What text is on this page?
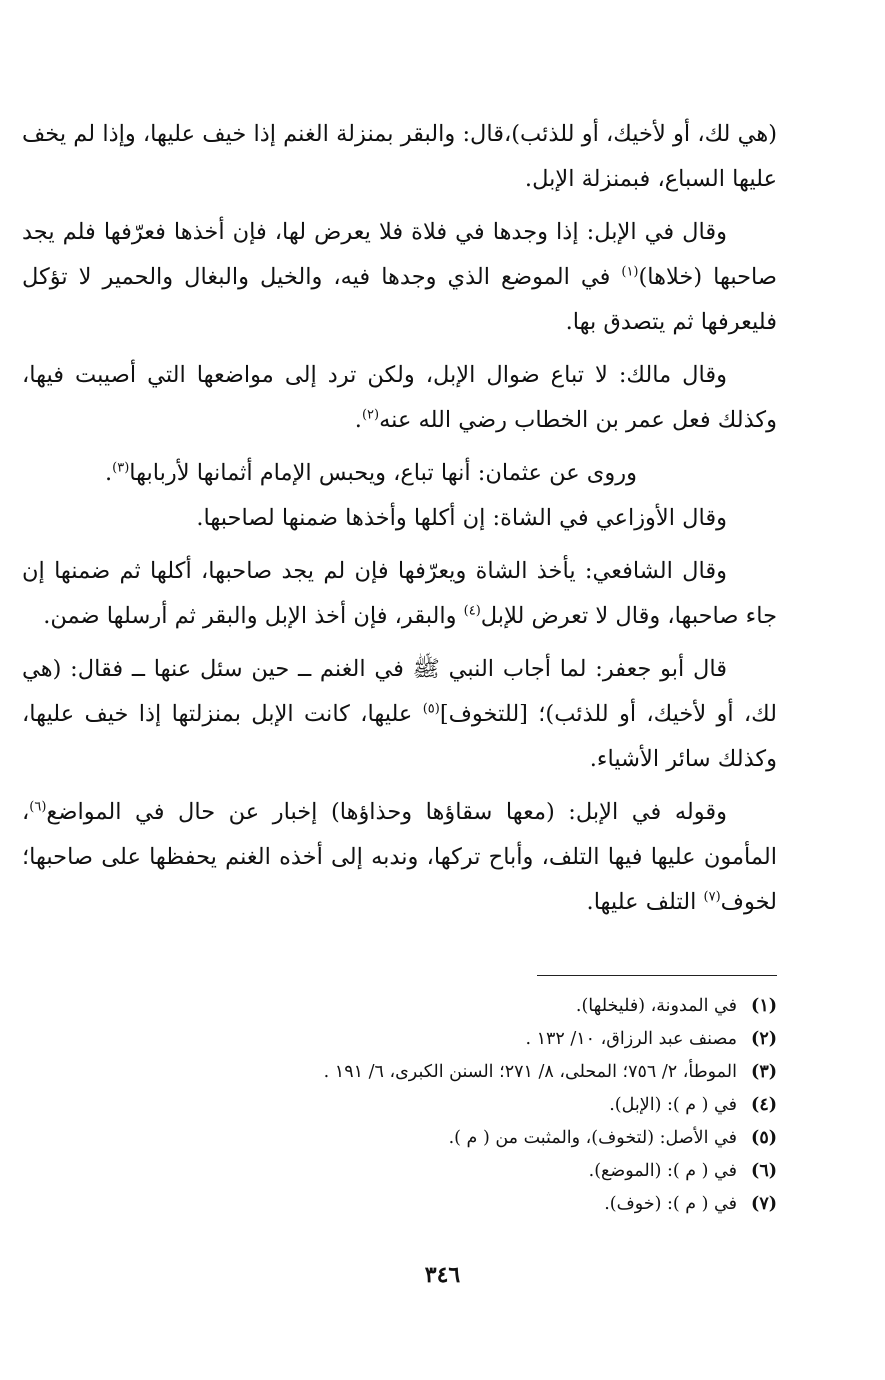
(هي لك، أو لأخيك، أو للذئب)،قال: والبقر بمنزلة الغنم إذا خيف عليها، وإذا لم يخف عليها السباع، فبمنزلة الإبل.

وقال في الإبل: إذا وجدها في فلاة فلا يعرض لها، فإن أخذها فعرّفها فلم يجد صاحبها (خلاها)$^{(١)}$ في الموضع الذي وجدها فيه، والخيل والبغال والحمير لا تؤكل فليعرفها ثم يتصدق بها.

وقال مالك: لا تباع ضوال الإبل، ولكن ترد إلى مواضعها التي أصيبت فيها، وكذلك فعل عمر بن الخطاب رضي الله عنه$^{(٢)}$.

وروى عن عثمان: أنها تباع، ويحبس الإمام أثمانها لأربابها$^{(٣)}$.

وقال الأوزاعي في الشاة: إن أكلها وأخذها ضمنها لصاحبها.

وقال الشافعي: يأخذ الشاة ويعرّفها فإن لم يجد صاحبها، أكلها ثم ضمنها إن جاء صاحبها، وقال لا تعرض للإبل$^{(٤)}$ والبقر، فإن أخذ الإبل والبقر ثم أرسلها ضمن.

قال أبو جعفر: لما أجاب النبي ﷺ في الغنم ــ حين سئل عنها ــ فقال: (هي لك، أو لأخيك، أو للذئب)؛ [للتخوف]$^{(٥)}$ عليها، كانت الإبل بمنزلتها إذا خيف عليها، وكذلك سائر الأشياء.

وقوله في الإبل: (معها سقاؤها وحذاؤها) إخبار عن حال في المواضع$^{(٦)}$، المأمون عليها فيها التلف، وأباح تركها، وندبه إلى أخذه الغنم يحفظها على صاحبها؛ لخوف$^{(٧)}$ التلف عليها.

(١)في المدونة، (فليخلها).
(٢)مصنف عبد الرزاق، ١٠/ ١٣٢ .
(٣)الموطأ، ٢/ ٧٥٦؛ المحلى، ٨/ ٢٧١؛ السنن الكبرى، ٦/ ١٩١ .
(٤)في ( م ): (الإبل).
(٥)في الأصل: (لتخوف)، والمثبت من ( م ).
(٦)في ( م ): (الموضع).
(٧)في ( م ): (خوف).
٣٤٦
